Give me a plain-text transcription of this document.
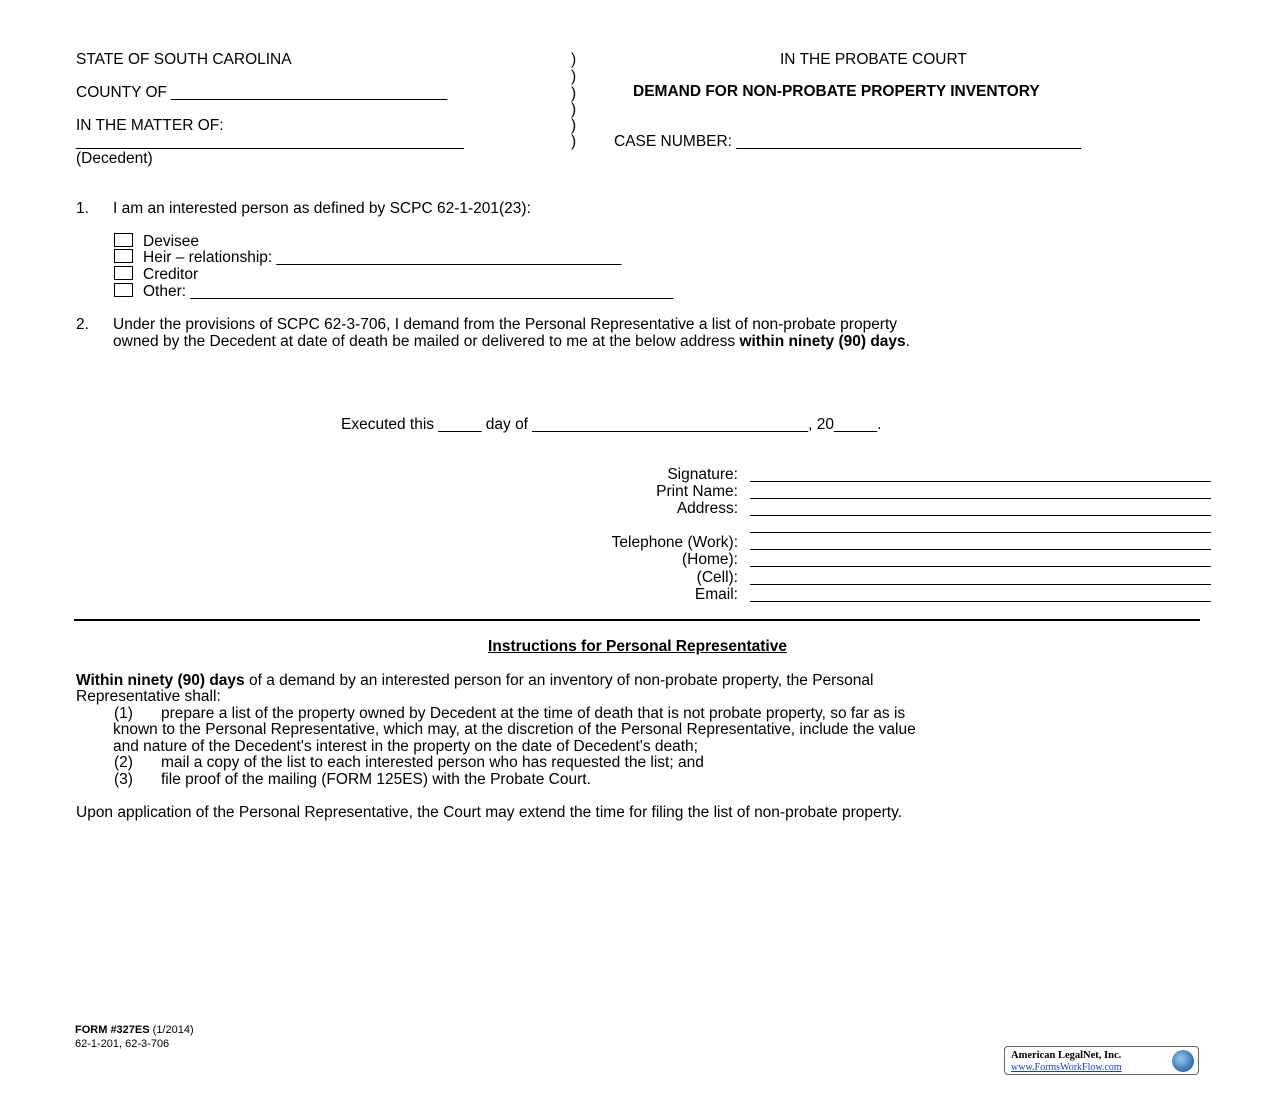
STATE OF SOUTH CAROLINA
COUNTY OF ________________________________
IN THE MATTER OF:
_____________________________________________
(Decedent)
)
)
)
)
)
)
IN THE PROBATE COURT
DEMAND FOR NON-PROBATE PROPERTY INVENTORY
CASE NUMBER: ________________________________________
1. I am an interested person as defined by SCPC 62-1-201(23):
Devisee
Heir – relationship: ________________________________________
Creditor
Other: ________________________________________________________
2. Under the provisions of SCPC 62-3-706, I demand from the Personal Representative a list of non-probate property
owned by the Decedent at date of death be mailed or delivered to me at the below address within ninety (90) days.
Executed this _____ day of ________________________________, 20_____.
Signature:
Print Name:
Address:
Telephone (Work):
(Home):
(Cell):
Email:
Instructions for Personal Representative
Within ninety (90) days of a demand by an interested person for an inventory of non-probate property, the Personal
Representative shall:
(1) prepare a list of the property owned by Decedent at the time of death that is not probate property, so far as is
known to the Personal Representative, which may, at the discretion of the Personal Representative, include the value
and nature of the Decedent's interest in the property on the date of Decedent's death;
(2) mail a copy of the list to each interested person who has requested the list; and
(3) file proof of the mailing (FORM 125ES) with the Probate Court.
Upon application of the Personal Representative, the Court may extend the time for filing the list of non-probate property.
FORM #327ES (1/2014)
62-1-201, 62-3-706
American LegalNet, Inc.
www.FormsWorkFlow.com
